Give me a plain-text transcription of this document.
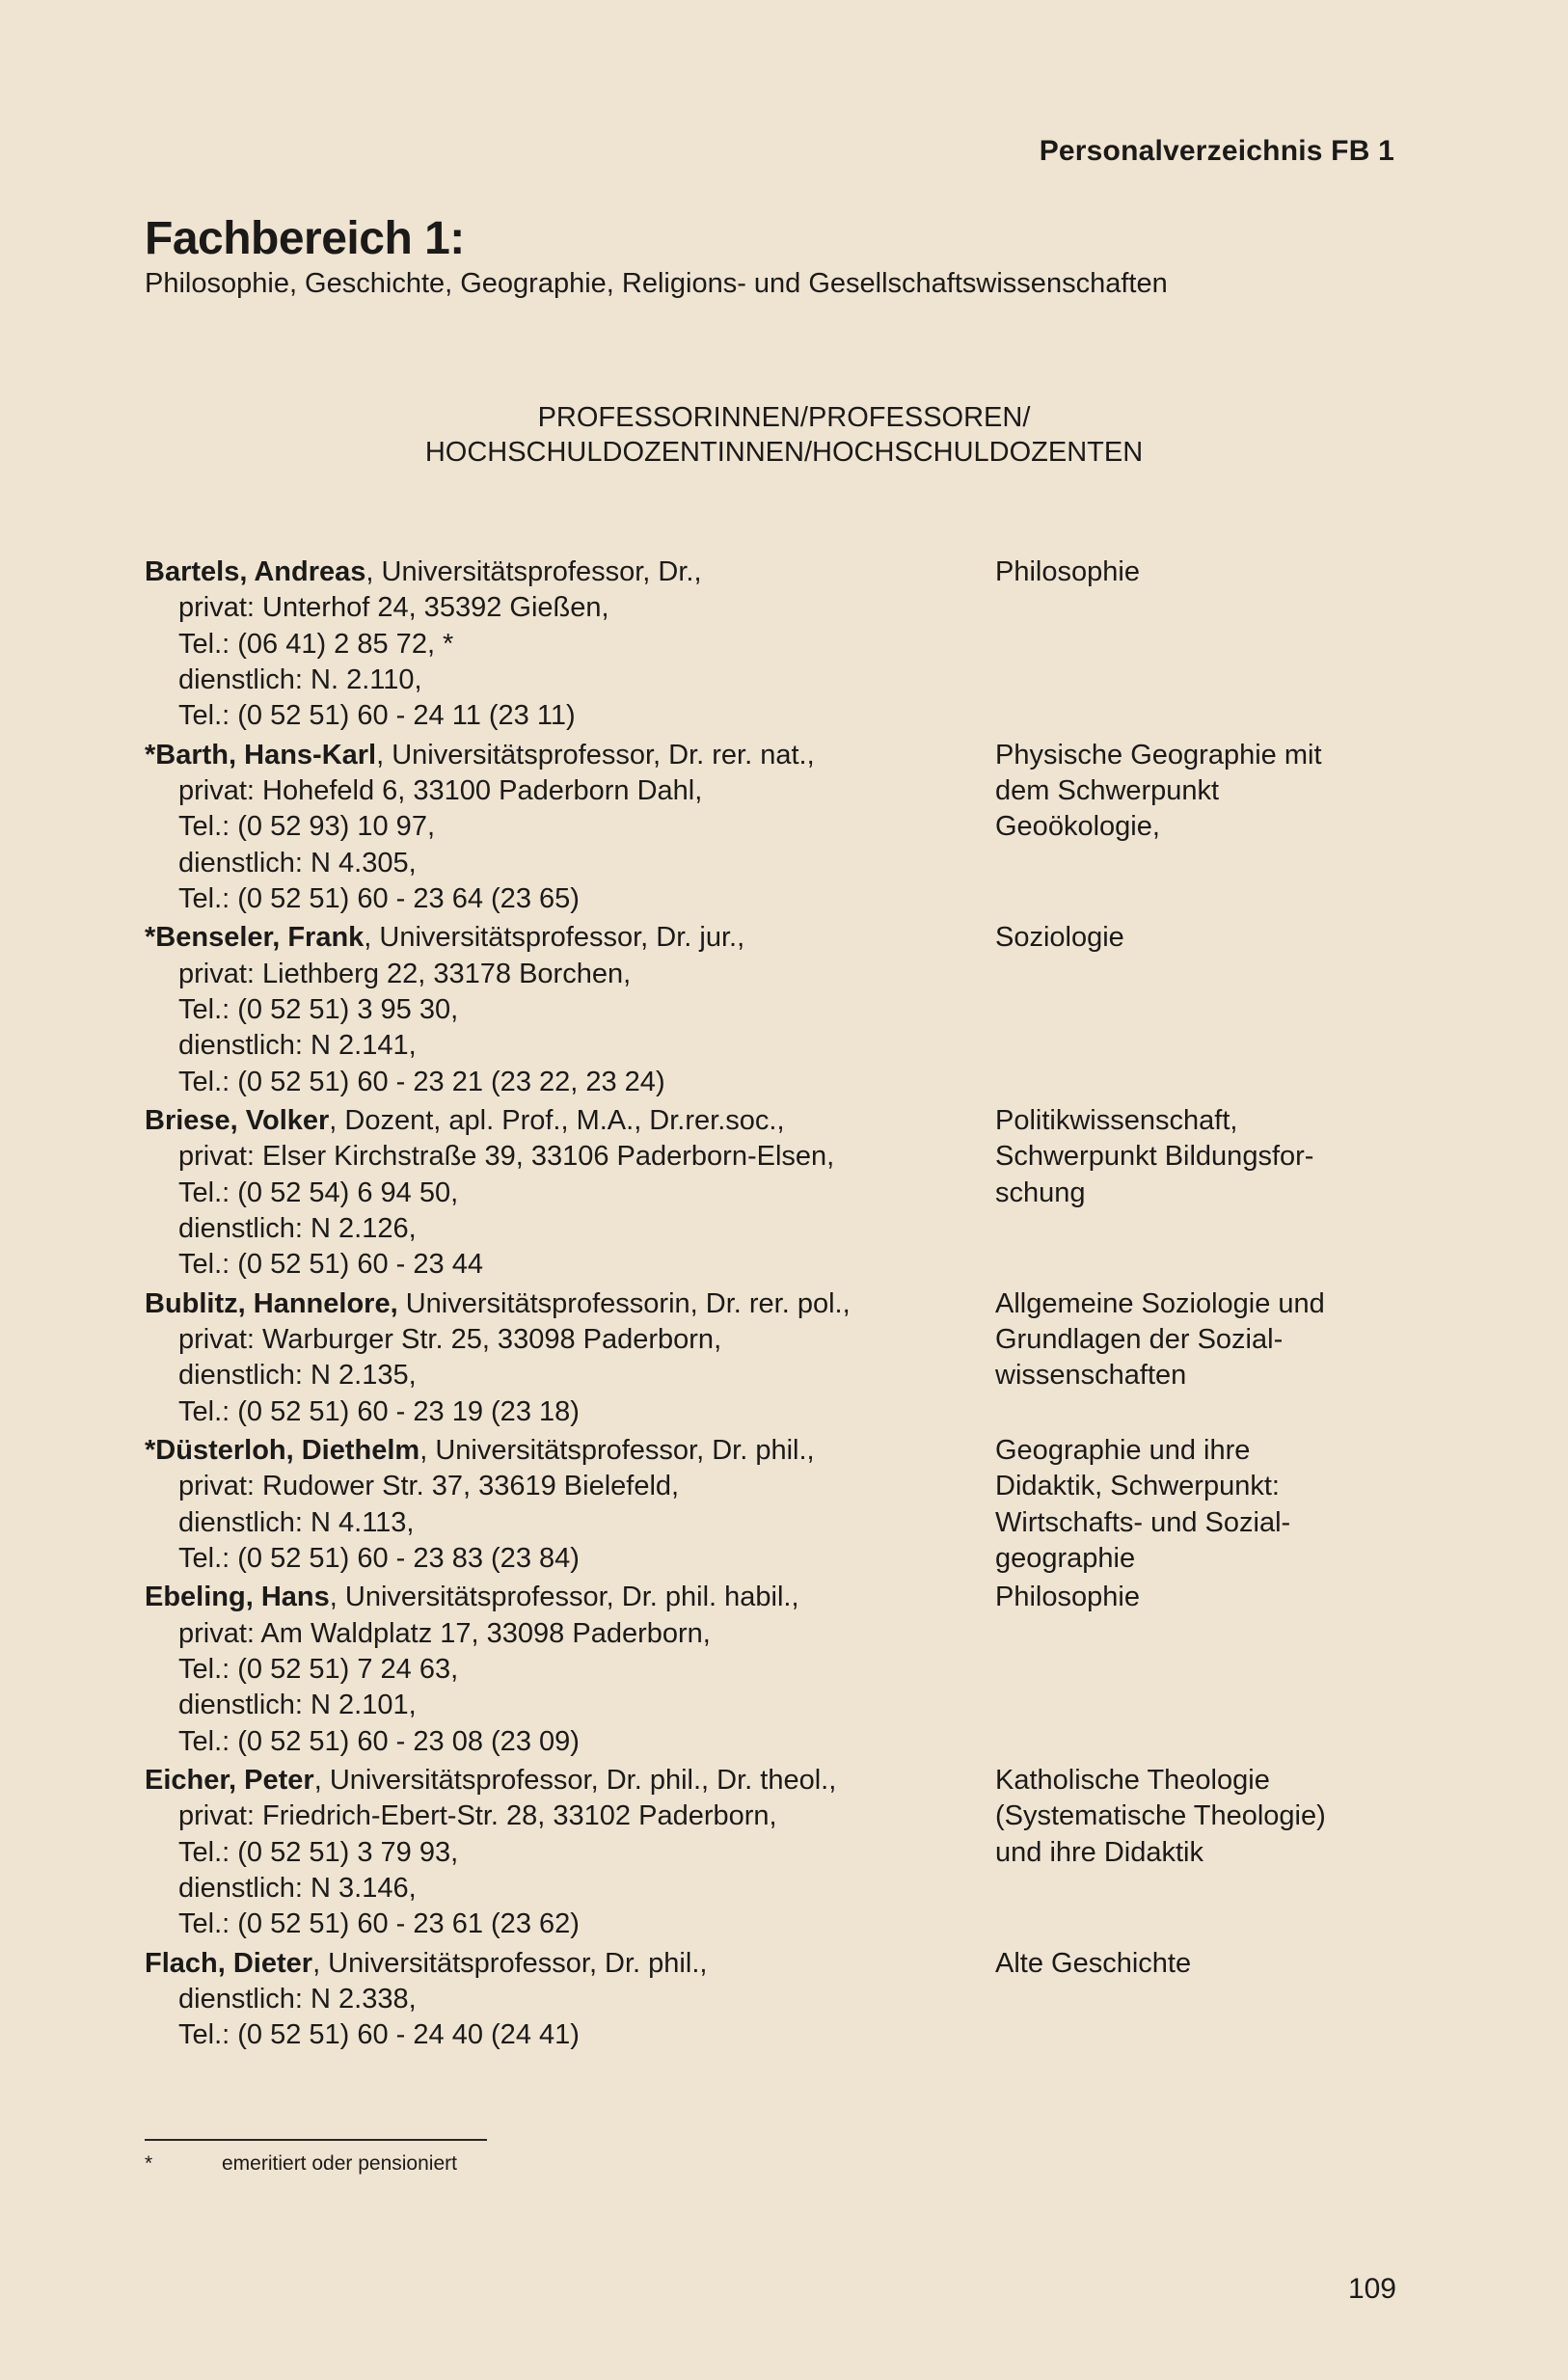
Personalverzeichnis FB 1
Fachbereich 1:
Philosophie, Geschichte, Geographie, Religions- und Gesellschaftswissenschaften
PROFESSORINNEN/PROFESSOREN/
HOCHSCHULDOZENTINNEN/HOCHSCHULDOZENTEN
Bartels, Andreas, Universitätsprofessor, Dr.,
privat: Unterhof 24, 35392 Gießen,
Tel.: (06 41) 2 85 72, *
dienstlich: N. 2.110,
Tel.: (0 52 51) 60 - 24 11 (23 11)
Philosophie
*Barth, Hans-Karl, Universitätsprofessor, Dr. rer. nat.,
privat: Hohefeld 6, 33100 Paderborn Dahl,
Tel.: (0 52 93) 10 97,
dienstlich: N 4.305,
Tel.: (0 52 51) 60 - 23 64 (23 65)
Physische Geographie mit
dem Schwerpunkt
Geoökologie,
*Benseler, Frank, Universitätsprofessor, Dr. jur.,
privat: Liethberg 22, 33178 Borchen,
Tel.: (0 52 51) 3 95 30,
dienstlich: N 2.141,
Tel.: (0 52 51) 60 - 23 21 (23 22, 23 24)
Soziologie
Briese, Volker, Dozent, apl. Prof., M.A., Dr.rer.soc.,
privat: Elser Kirchstraße 39, 33106 Paderborn-Elsen,
Tel.: (0 52 54) 6 94 50,
dienstlich: N 2.126,
Tel.: (0 52 51) 60 - 23 44
Politikwissenschaft,
Schwerpunkt Bildungsfor-
schung
Bublitz, Hannelore, Universitätsprofessorin, Dr. rer. pol.,
privat: Warburger Str. 25, 33098 Paderborn,
dienstlich: N 2.135,
Tel.: (0 52 51) 60 - 23 19 (23 18)
Allgemeine Soziologie und
Grundlagen der Sozial-
wissenschaften
*Düsterloh, Diethelm, Universitätsprofessor, Dr. phil.,
privat: Rudower Str. 37, 33619 Bielefeld,
dienstlich: N 4.113,
Tel.: (0 52 51) 60 - 23 83 (23 84)
Geographie und ihre
Didaktik, Schwerpunkt:
Wirtschafts- und Sozial-
geographie
Ebeling, Hans, Universitätsprofessor, Dr. phil. habil.,
privat: Am Waldplatz 17, 33098 Paderborn,
Tel.: (0 52 51) 7 24 63,
dienstlich: N 2.101,
Tel.: (0 52 51) 60 - 23 08 (23 09)
Philosophie
Eicher, Peter, Universitätsprofessor, Dr. phil., Dr. theol.,
privat: Friedrich-Ebert-Str. 28, 33102 Paderborn,
Tel.: (0 52 51) 3 79 93,
dienstlich: N 3.146,
Tel.: (0 52 51) 60 - 23 61 (23 62)
Katholische Theologie
(Systematische Theologie)
und ihre Didaktik
Flach, Dieter, Universitätsprofessor, Dr. phil.,
dienstlich: N 2.338,
Tel.: (0 52 51) 60 - 24 40 (24 41)
Alte Geschichte
*	emeritiert oder pensioniert
109
